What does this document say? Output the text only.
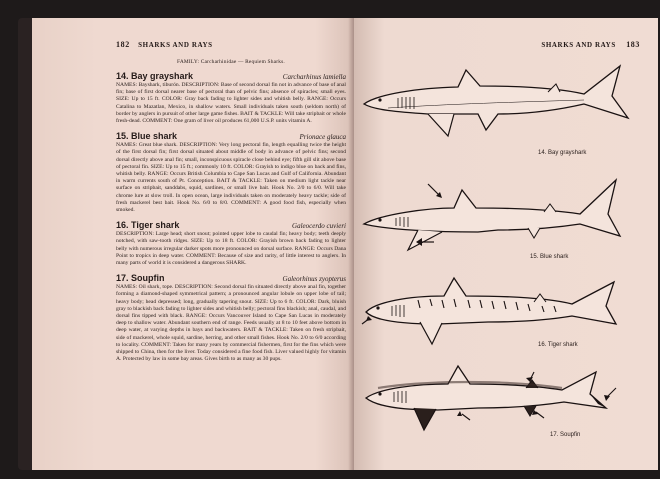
182 SHARKS AND RAYS
FAMILY: Carcharhinidae — Requiem Sharks.
14. Bay grayshark	Carcharhinus lamiella
NAMES: Bayshark, tiburón. DESCRIPTION: Base of second dorsal fin not in advance of base of anal fin; base of first dorsal nearer base of pectoral than of pelvic fins; absence of spiracles; small eyes. SIZE: Up to 15 ft. COLOR: Gray back fading to lighter sides and whitish belly. RANGE: Occurs Catalina to Mazatlan, Mexico, in shallow waters. Small individuals taken south (seldom north) of border by anglers in pursuit of other large game fishes. BAIT & TACKLE: Will take stripbait or whole fresh-dead. COMMENT: One gram of liver oil produces 61,000 U.S.P. units vitamin A.
15. Blue shark	Prionace glauca
NAMES: Great blue shark. DESCRIPTION: Very long pectoral fin, length equalling twice the height of the first dorsal fin; first dorsal situated about middle of body in advance of pelvic fins; second dorsal directly above anal fin; small, inconspicuous spiracle close behind eye; fifth gill slit above base of pectoral fin. SIZE: Up to 15 ft.; commonly 10 ft. COLOR: Grayish to indigo blue on back and fins, whitish belly. RANGE: Occurs British Columbia to Cape San Lucas and Gulf of California. Abundant in warm currents south of Pt. Conception. BAIT & TACKLE: Taken on medium light tackle near surface on stripbait, sanddabs, squid, sardines, or small live bait. Hook No. 2/0 to 6/0. Will take chrome lure at slow troll. In open ocean, large individuals taken on moderately heavy tackle; side of fresh mackerel best bait. Hook No. 6/0 to 8/0. COMMENT: A good food fish, especially when smoked.
16. Tiger shark	Galeocerdo cuvieri
DESCRIPTION: Large head; short snout; pointed upper lobe to caudal fin; heavy body; teeth deeply notched, with saw-tooth ridges. SIZE: Up to 18 ft. COLOR: Grayish brown back fading to lighter belly with numerous irregular darker spots more pronounced on dorsal surface. RANGE: Occurs Dana Point to tropics in deep water. COMMENT: Because of size and rarity, of little interest to anglers. In many parts of world it is considered a dangerous SHARK.
17. Soupfin	Galeorhinus zyopterus
NAMES: Oil shark, tope. DESCRIPTION: Second dorsal fin situated directly above anal fin, together forming a diamond-shaped symmetrical pattern; a pronounced angular lobule on upper lobe of tail; heavy body; head depressed; long, gradually tapering snout. SIZE: Up to 6 ft. COLOR: Dark, bluish gray to blackish back fading to lighter sides and whitish belly; pectoral fins blackish; anal, caudal, and dorsal fins tipped with black. RANGE: Occurs Vancouver Island to Cape San Lucas in moderately deep to shallow water. Abundant southern end of range. Feeds usually at 8 to 10 feet above bottom in deep water, at varying depths in bays and backwaters. BAIT & TACKLE: Taken on fresh stripbait, side of mackerel, whole squid, sardine, herring, and other small fishes. Hook No. 2/0 to 6/0 according to locality. COMMENT: Taken for many years by commercial fishermen, first for the fins which were shipped to China, then for the liver. Today considered a fine food fish. Liver valued highly for vitamin A. Protected by law in some bay areas. Gives birth to as many as 30 pups.
SHARKS AND RAYS 183
14. Bay grayshark
15. Blue shark
16. Tiger shark
17. Soupfin
